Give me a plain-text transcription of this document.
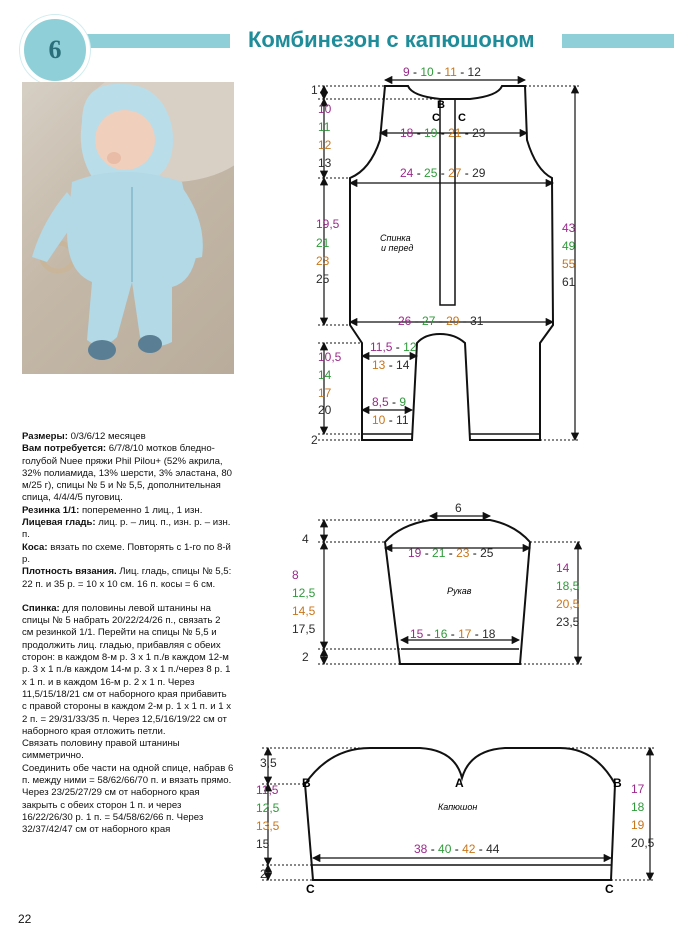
6	Комбинезон с капюшоном

Размеры: 0/3/6/12 месяцев

Вам потребуется: 6/7/8/10 мотков бледно-голубой Nuee пряжи Phil Pilou+ (52% акрила, 32% полиамида, 13% шерсти, 3% эластана, 80 м/25 г), спицы № 5 и № 5,5, дополнительная спица, 4/4/4/5 пуговиц.

Резинка 1/1: попеременно 1 лиц., 1 изн.

Лицевая гладь: лиц. р. – лиц. п., изн. р. – изн. п.

Коса: вязать по схеме. Повторять с 1-го по 8-й р.

Плотность вязания. Лиц. гладь, спицы № 5,5: 22 п. и 35 р. = 10 х 10 см. 16 п. косы = 6 см.

Спинка: для половины левой штанины на спицы № 5 набрать 20/22/24/26 п., связать 2 см резинкой 1/1. Перейти на спицы № 5,5 и продолжить лиц. гладью, прибавляя с обеих сторон: в каждом 8-м р. 3 х 1 п./в каждом 12-м р. 3 х 1 п./в каждом 14-м р. 3 х 1 п./через 8 р. 1 х 1 п. и в каждом 16-м р. 2 х 1 п. Через 11,5/15/18/21 см от наборного края прибавить с правой стороны в каждом 2-м р. 1 х 1 п. и 1 х 2 п. = 29/31/33/35 п. Через 12,5/16/19/22 см от наборного края отложить петли.

Связать половину правой штанины симметрично.

Соединить обе части на одной спице, набрав 6 п. между ними = 58/62/66/70 п. и вязать прямо. Через 23/25/27/29 см от наборного края закрыть с обеих сторон 1 п. и через 16/22/26/30 р. 1 п. = 54/58/62/66 п. Через 32/37/42/47 см от наборного края

22
9 - 10 - 11 - 12
18 - 19 - 21 - 23
24 - 25 - 27 - 29
26 - 27 - 29 - 31
11,5 - 12
13 - 14
8,5 - 9
10 - 11
1
10
11
12
13
19,5
21
23
25
10,5
14
17
20
2
43
49
55
61
B
C C
Спинка
и перед
6
4
19 - 21 - 23 - 25
15 - 16 - 17 - 18
8
12,5
14,5
17,5
2
14
18,5
20,5
23,5
Рукав
3,5
A
B	B
C	C
38 - 40 - 42 - 44
11,5
12,5
13,5
15
2
17
18
19
20,5
Капюшон
